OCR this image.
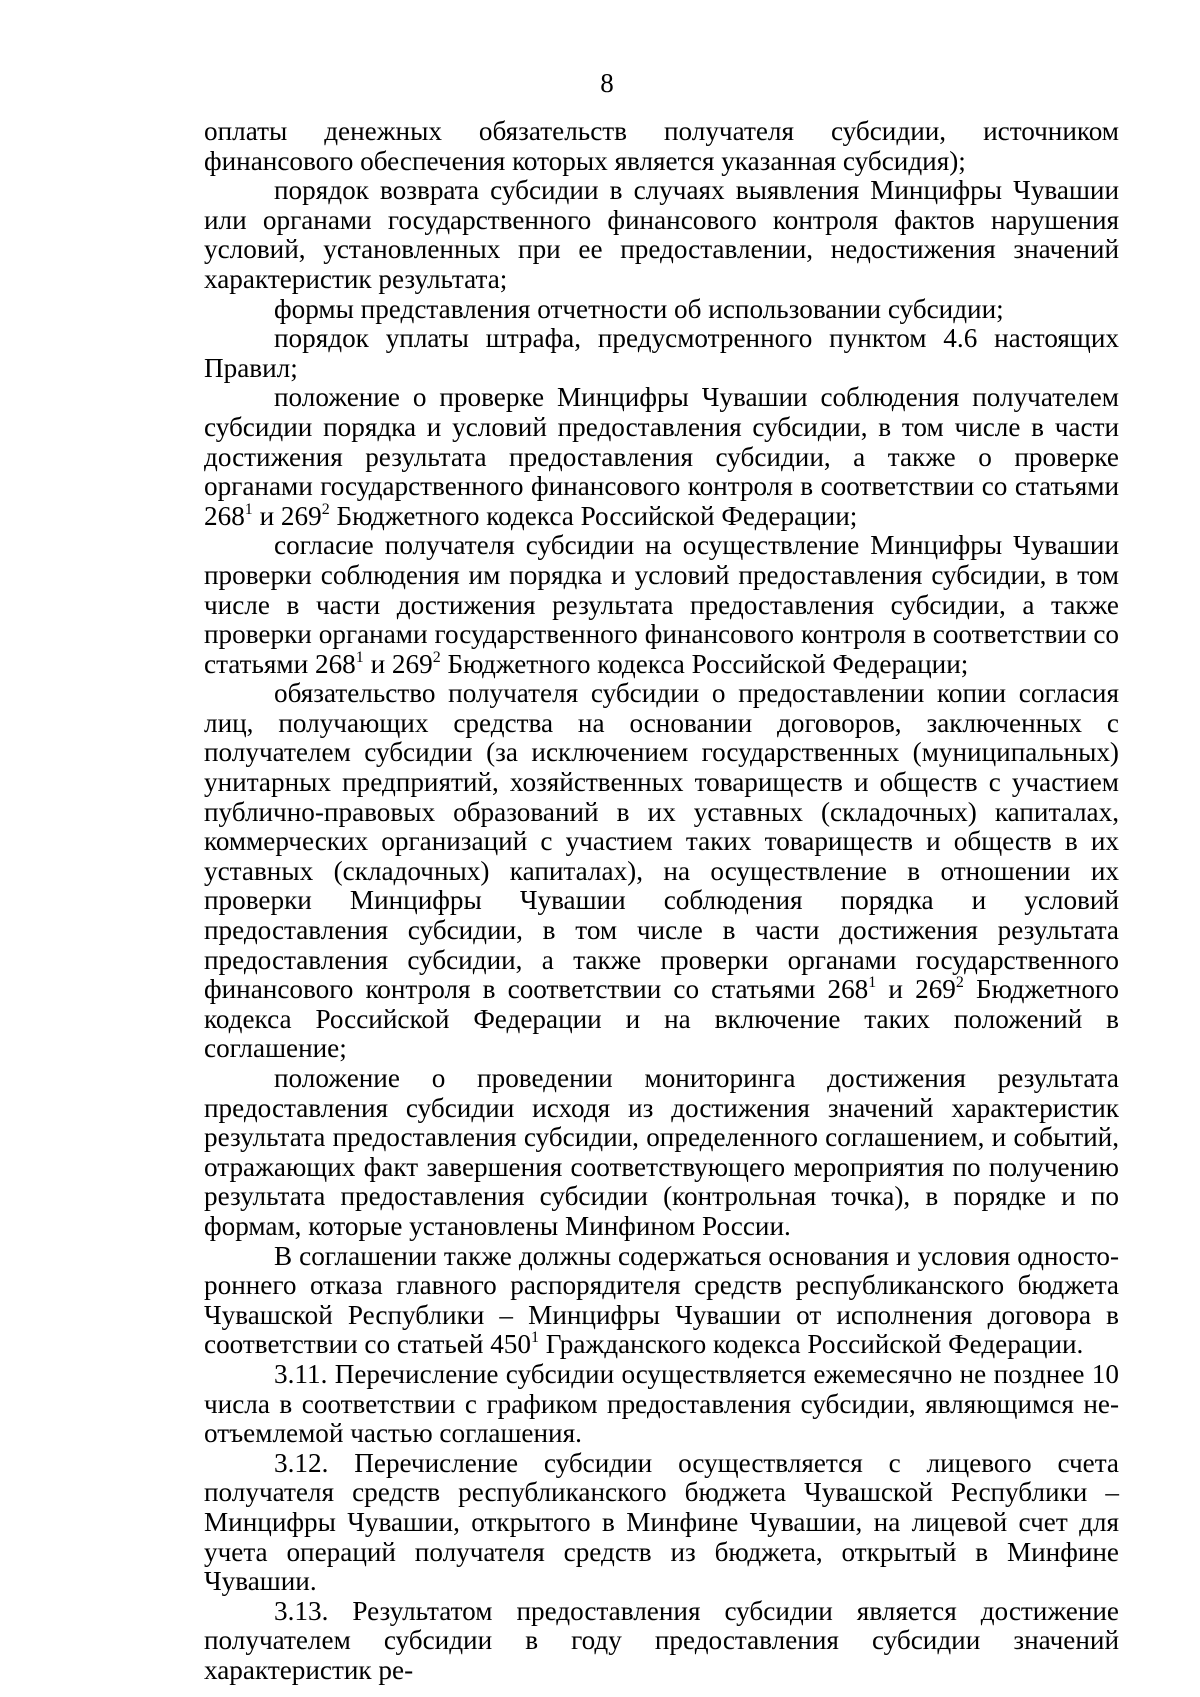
8

оплаты денежных обязательств получателя субсидии, источником финансового обеспечения которых является указанная субсидия);

порядок возврата субсидии в случаях выявления Минцифры Чувашии или органами государственного финансового контроля фактов нарушения условий, установленных при ее предоставлении, недостижения значений характеристик результата;

формы представления отчетности об использовании субсидии;

порядок уплаты штрафа, предусмотренного пунктом 4.6 настоящих Правил;

положение о проверке Минцифры Чувашии соблюдения получателем субсидии порядка и условий предоставления субсидии, в том числе в части достижения результата предоставления субсидии, а также о проверке органами государственного финансового контроля в соответствии со статьями $268^1$ и $269^2$ Бюджетного кодекса Российской Федерации;

согласие получателя субсидии на осуществление Минцифры Чувашии проверки соблюдения им порядка и условий предоставления субсидии, в том числе в части достижения результата предоставления субсидии, а также проверки органами государственного финансового контроля в соответствии со статьями $268^1$ и $269^2$ Бюджетного кодекса Российской Федерации;

обязательство получателя субсидии о предоставлении копии согласия лиц, получающих средства на основании договоров, заключенных с получателем субсидии (за исключением государственных (муниципальных) унитарных предприятий, хозяйственных товариществ и обществ с участием публично-правовых образований в их уставных (складочных) капиталах, коммерческих организаций с участием таких товариществ и обществ в их уставных (складочных) капиталах), на осуществление в отношении их проверки Минцифры Чувашии соблюдения порядка и условий предоставления субсидии, в том числе в части достижения результата предоставления субсидии, а также проверки органами государственного финансового контроля в соответствии со статьями $268^1$ и $269^2$ Бюджетного кодекса Российской Федерации и на включение таких положений в соглашение;

положение о проведении мониторинга достижения результата предоставления субсидии исходя из достижения значений характеристик результата предоставления субсидии, определенного соглашением, и событий, отражающих факт завершения соответствующего мероприятия по получению результата предоставления субсидии (контрольная точка), в порядке и по формам, которые установлены Минфином России.

В соглашении также должны содержаться основания и условия одностороннего отказа главного распорядителя средств республиканского бюджета Чувашской Республики – Минцифры Чувашии от исполнения договора в соответствии со статьей $450^1$ Гражданского кодекса Российской Федерации.

3.11. Перечисление субсидии осуществляется ежемесячно не позднее 10 числа в соответствии с графиком предоставления субсидии, являющимся неотъемлемой частью соглашения.

3.12. Перечисление субсидии осуществляется с лицевого счета получателя средств республиканского бюджета Чувашской Республики – Минцифры Чувашии, открытого в Минфине Чувашии, на лицевой счет для учета операций получателя средств из бюджета, открытый в Минфине Чувашии.

3.13. Результатом предоставления субсидии является достижение получателем субсидии в году предоставления субсидии значений характеристик ре-
